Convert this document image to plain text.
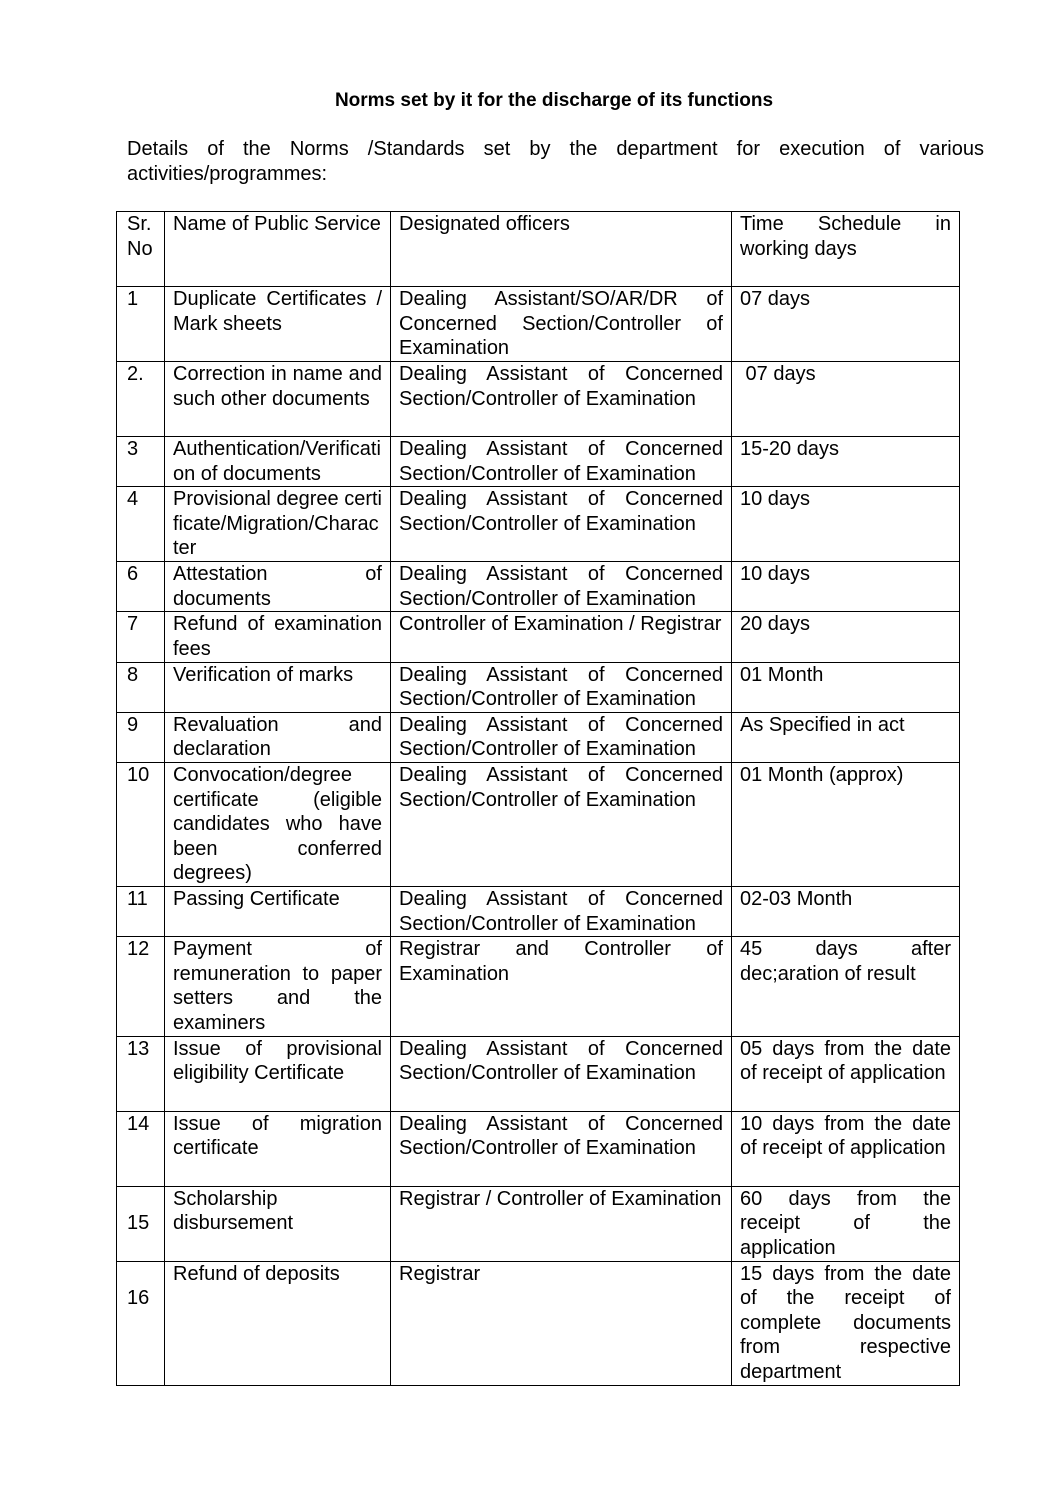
Norms set by it for the discharge of its functions
Details of the Norms /Standards set by the department for execution of various activities/programmes:
Sr. No	Name of Public Service	Designated officers	Time Schedule in working days
1	Duplicate Certificates / Mark sheets	Dealing Assistant/SO/AR/DR of Concerned Section/Controller of Examination	07 days
2.	Correction in name and such other documents	Dealing Assistant of Concerned Section/Controller of Examination	07 days
3	Authentication/Verification of documents	Dealing Assistant of Concerned Section/Controller of Examination	15-20 days
4	Provisional degree certificate/Migration/Character	Dealing Assistant of Concerned Section/Controller of Examination	10 days
6	Attestation of documents	Dealing Assistant of Concerned Section/Controller of Examination	10 days
7	Refund of examination fees	Controller of Examination / Registrar	20 days
8	Verification of marks	Dealing Assistant of Concerned Section/Controller of Examination	01 Month
9	Revaluation and declaration	Dealing Assistant of Concerned Section/Controller of Examination	As Specified in act
10	Convocation/degree certificate (eligible candidates who have been conferred degrees)	Dealing Assistant of Concerned Section/Controller of Examination	01 Month (approx)
11	Passing Certificate	Dealing Assistant of Concerned Section/Controller of Examination	02-03 Month
12	Payment of remuneration to paper setters and the examiners	Registrar and Controller of Examination	45 days after dec;aration of result
13	Issue of provisional eligibility Certificate	Dealing Assistant of Concerned Section/Controller of Examination	05 days from the date of receipt of application
14	Issue of migration certificate	Dealing Assistant of Concerned Section/Controller of Examination	10 days from the date of receipt of application
15	Scholarship disbursement	Registrar / Controller of Examination	60 days from the receipt of the application
16	Refund of deposits	Registrar	15 days from the date of the receipt of complete documents from respective department
